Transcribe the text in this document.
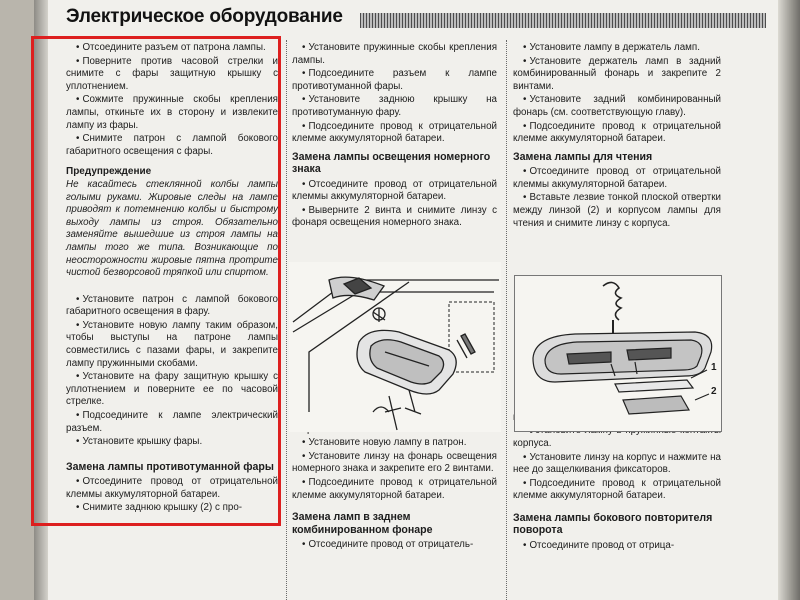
Электрическое оборудование

• Отсоедините разъем от патрона лампы.

• Поверните против часовой стрелки и снимите с фары защитную крышку с уплотнением.

• Сожмите пружинные скобы крепления лампы, откиньте их в сторону и извлеките лампу из фары.

• Снимите патрон с лампой бокового габаритного освещения с фары.

Предупреждение

Не касайтесь стеклянной колбы лампы голыми руками. Жировые следы на лампе приводят к потемнению колбы и быстрому выходу лампы из строя. Обязательно заменяйте вышедшие из строя лампы на лампы того же типа. Возникающие по неосторожности жировые пятна протрите чистой безворсовой тряпкой или спиртом.

• Установите патрон с лампой бокового габаритного освещения в фару.

• Установите новую лампу таким образом, чтобы выступы на патроне лампы совместились с пазами фары, и закрепите лампу пружинными скобами.

• Установите на фару защитную крышку с уплотнением и поверните ее по часовой стрелке.

• Подсоедините к лампе электрический разъем.

• Установите крышку фары.

Замена лампы противотуманной фары

• Отсоедините провод от отрицательной клеммы аккумуляторной батареи.

• Снимите заднюю крышку (2) с про-

• Установите пружинные скобы крепления лампы.

• Подсоедините разъем к лампе противотуманной фары.

• Установите заднюю крышку на противотуманную фару.

• Подсоедините провод к отрицательной клемме аккумуляторной батареи.

Замена лампы освещения номерного знака

• Отсоедините провод от отрицательной клеммы аккумуляторной батареи.

• Выверните 2 винта и снимите линзу с фонаря освещения номерного знака.

•

• Установите новую лампу в патрон.

• Установите линзу на фонарь освещения номерного знака и закрепите его 2 винтами.

• Подсоедините провод к отрицательной клемме аккумуляторной батареи.

Замена ламп в заднем комбинированном фонаре

• Отсоедините провод от отрицатель-

• Установите лампу в держатель ламп.

• Установите держатель ламп в задний комбинированный фонарь и закрепите 2 винтами.

• Установите задний комбинированный фонарь (см. соответствующую главу).

• Подсоедините провод к отрицательной клемме аккумуляторной батареи.

Замена лампы для чтения

• Отсоедините провод от отрицательной клеммы аккумуляторной батареи.

• Вставьте лезвие тонкой плоской отвертки между линзой (2) и корпусом лампы для чтения и снимите линзу с корпуса.

•

• корпуса.

• Установите линзу на корпус и нажмите на нее до защелкивания фиксаторов.

• Подсоедините провод к отрицательной клемме аккумуляторной батареи.

Замена лампы бокового повторителя поворота

• Отсоедините провод от отрица-

1
2
